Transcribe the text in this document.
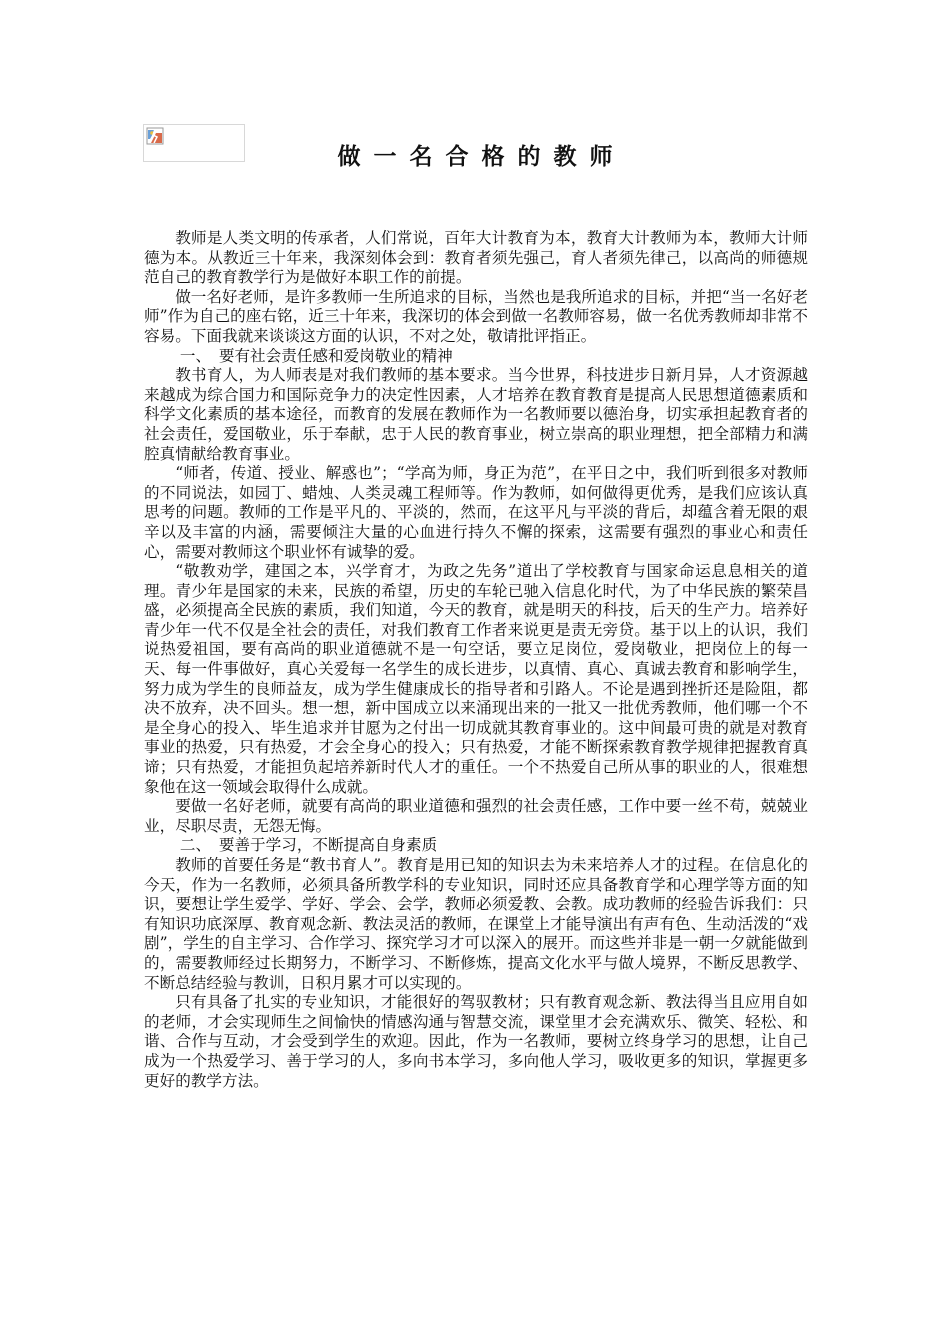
做一名合格的教师

教师是人类文明的传承者，人们常说，百年大计教育为本，教育大计教师为本，教师大计师德为本。从教近三十年来，我深刻体会到：教育者须先强己，育人者须先律己，以高尚的师德规范自己的教育教学行为是做好本职工作的前提。

做一名好老师，是许多教师一生所追求的目标，当然也是我所追求的目标，并把“当一名好老师”作为自己的座右铭，近三十年来，我深切的体会到做一名教师容易，做一名优秀教师却非常不容易。下面我就来谈谈这方面的认识，不对之处，敬请批评指正。

一、　要有社会责任感和爱岗敬业的精神

教书育人，为人师表是对我们教师的基本要求。当今世界，科技进步日新月异，人才资源越来越成为综合国力和国际竞争力的决定性因素，人才培养在教育教育是提高人民思想道德素质和科学文化素质的基本途径，而教育的发展在教师作为一名教师要以德治身，切实承担起教育者的社会责任，爱国敬业，乐于奉献，忠于人民的教育事业，树立崇高的职业理想，把全部精力和满腔真情献给教育事业。

“师者，传道、授业、解惑也”；“学高为师，身正为范”，在平日之中，我们听到很多对教师的不同说法，如园丁、蜡烛、人类灵魂工程师等。作为教师，如何做得更优秀，是我们应该认真思考的问题。教师的工作是平凡的、平淡的，然而，在这平凡与平淡的背后，却蕴含着无限的艰辛以及丰富的内涵，需要倾注大量的心血进行持久不懈的探索，这需要有强烈的事业心和责任心，需要对教师这个职业怀有诚挚的爱。

“敬教劝学，建国之本，兴学育才，为政之先务”道出了学校教育与国家命运息息相关的道理。青少年是国家的未来，民族的希望，历史的车轮已驰入信息化时代，为了中华民族的繁荣昌盛，必须提高全民族的素质，我们知道，今天的教育，就是明天的科技，后天的生产力。培养好青少年一代不仅是全社会的责任，对我们教育工作者来说更是责无旁贷。基于以上的认识，我们说热爱祖国，要有高尚的职业道德就不是一句空话，要立足岗位，爱岗敬业，把岗位上的每一天、每一件事做好，真心关爱每一名学生的成长进步，以真情、真心、真诚去教育和影响学生，努力成为学生的良师益友，成为学生健康成长的指导者和引路人。不论是遇到挫折还是险阻，都决不放弃，决不回头。想一想，新中国成立以来涌现出来的一批又一批优秀教师，他们哪一个不是全身心的投入、毕生追求并甘愿为之付出一切成就其教育事业的。这中间最可贵的就是对教育事业的热爱，只有热爱，才会全身心的投入；只有热爱，才能不断探索教育教学规律把握教育真谛；只有热爱，才能担负起培养新时代人才的重任。一个不热爱自己所从事的职业的人，很难想象他在这一领域会取得什么成就。

要做一名好老师，就要有高尚的职业道德和强烈的社会责任感，工作中要一丝不苟，兢兢业业，尽职尽责，无怨无悔。

二、　要善于学习，不断提高自身素质

教师的首要任务是“教书育人”。教育是用已知的知识去为未来培养人才的过程。在信息化的今天，作为一名教师，必须具备所教学科的专业知识，同时还应具备教育学和心理学等方面的知识，要想让学生爱学、学好、学会、会学，教师必须爱教、会教。成功教师的经验告诉我们：只有知识功底深厚、教育观念新、教法灵活的教师，在课堂上才能导演出有声有色、生动活泼的“戏剧”，学生的自主学习、合作学习、探究学习才可以深入的展开。而这些并非是一朝一夕就能做到的，需要教师经过长期努力，不断学习、不断修炼，提高文化水平与做人境界，不断反思教学、不断总结经验与教训，日积月累才可以实现的。

只有具备了扎实的专业知识，才能很好的驾驭教材；只有教育观念新、教法得当且应用自如的老师，才会实现师生之间愉快的情感沟通与智慧交流，课堂里才会充满欢乐、微笑、轻松、和谐、合作与互动，才会受到学生的欢迎。因此，作为一名教师，要树立终身学习的思想，让自己成为一个热爱学习、善于学习的人，多向书本学习，多向他人学习，吸收更多的知识，掌握更多更好的教学方法。
